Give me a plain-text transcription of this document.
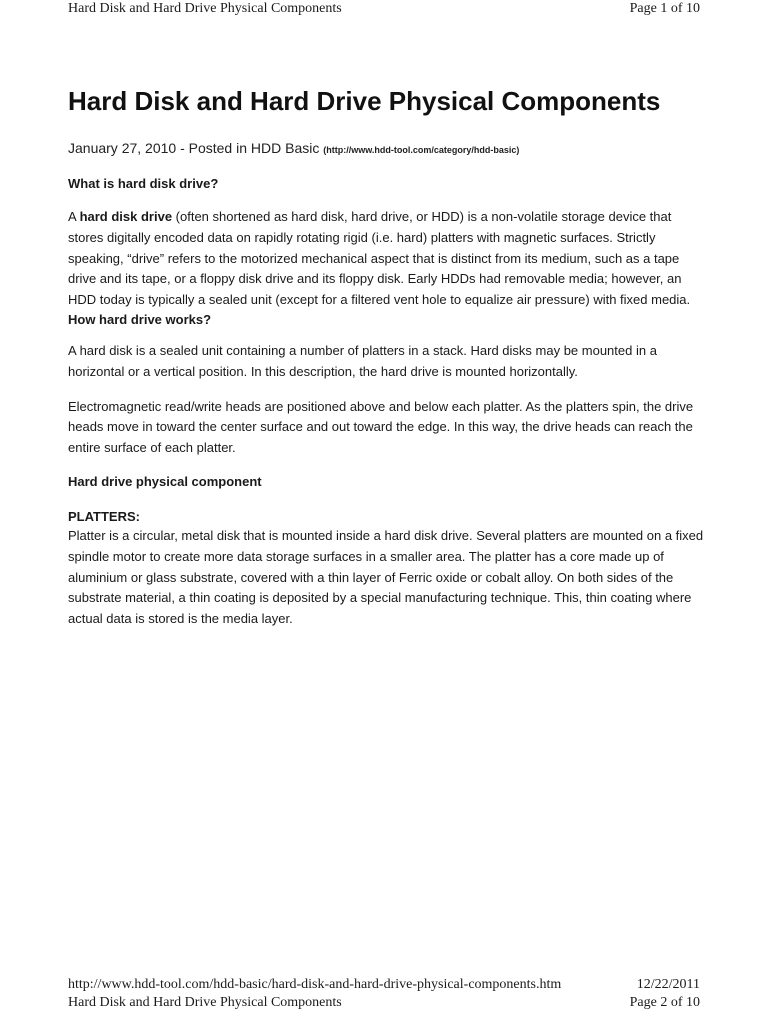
Hard Disk and Hard Drive Physical Components	Page 1 of 10
Hard Disk and Hard Drive Physical Components
January 27, 2010 - Posted in HDD Basic (http://www.hdd-tool.com/category/hdd-basic)

What is hard disk drive?

A hard disk drive (often shortened as hard disk, hard drive, or HDD) is a non-volatile storage device that stores digitally encoded data on rapidly rotating rigid (i.e. hard) platters with magnetic surfaces. Strictly speaking, “drive” refers to the motorized mechanical aspect that is distinct from its medium, such as a tape drive and its tape, or a floppy disk drive and its floppy disk. Early HDDs had removable media; however, an HDD today is typically a sealed unit (except for a filtered vent hole to equalize air pressure) with fixed media.

How hard drive works?

A hard disk is a sealed unit containing a number of platters in a stack. Hard disks may be mounted in a horizontal or a vertical position. In this description, the hard drive is mounted horizontally.

Electromagnetic read/write heads are positioned above and below each platter. As the platters spin, the drive heads move in toward the center surface and out toward the edge. In this way, the drive heads can reach the entire surface of each platter.

Hard drive physical component

PLATTERS:

Platter is a circular, metal disk that is mounted inside a hard disk drive. Several platters are mounted on a fixed spindle motor to create more data storage surfaces in a smaller area. The platter has a core made up of aluminium or glass substrate, covered with a thin layer of Ferric oxide or cobalt alloy. On both sides of the substrate material, a thin coating is deposited by a special manufacturing technique. This, thin coating where actual data is stored is the media layer.

http://www.hdd-tool.com/hdd-basic/hard-disk-and-hard-drive-physical-components.htm	12/22/2011
Hard Disk and Hard Drive Physical Components	Page 2 of 10
